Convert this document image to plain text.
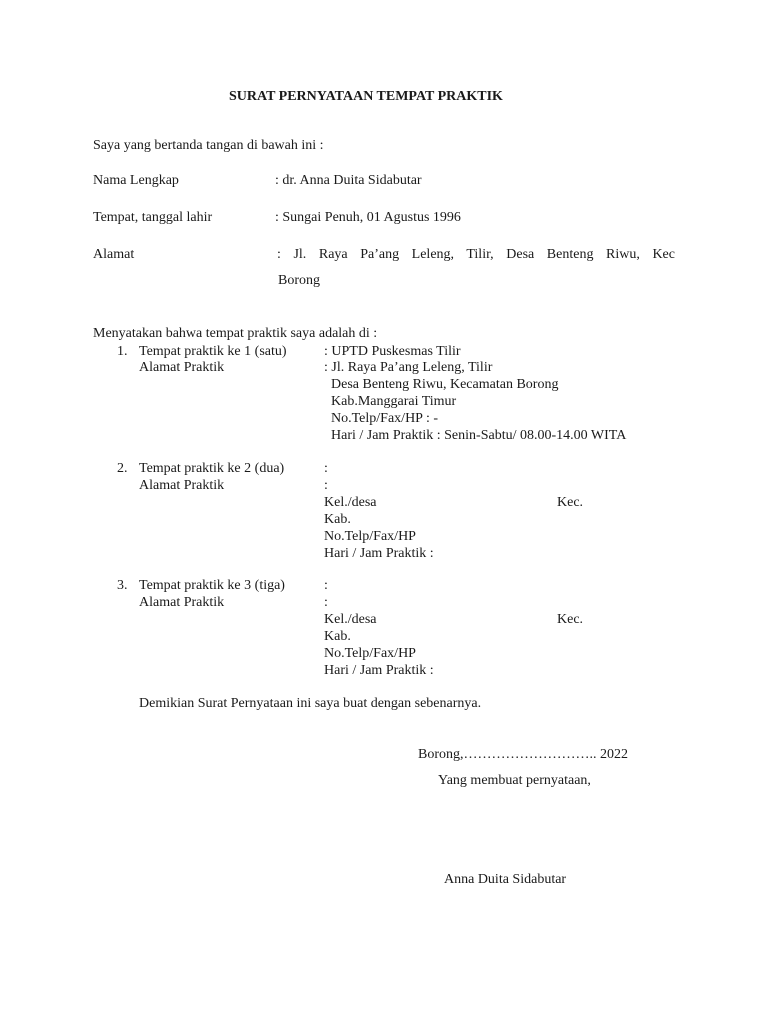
SURAT PERNYATAAN TEMPAT PRAKTIK
Saya yang bertanda tangan di bawah ini :
Nama Lengkap	: dr. Anna Duita Sidabutar
Tempat, tanggal lahir	: Sungai Penuh, 01 Agustus 1996
Alamat	: Jl. Raya Pa’ang Leleng, Tilir, Desa Benteng Riwu, Kec
Borong
Menyatakan bahwa tempat praktik saya adalah di :
1. Tempat praktik ke 1 (satu)	: UPTD Puskesmas Tilir
Alamat Praktik	: Jl. Raya Pa’ang Leleng, Tilir
Desa Benteng Riwu, Kecamatan Borong
Kab.Manggarai Timur
No.Telp/Fax/HP : -
Hari / Jam Praktik : Senin-Sabtu/ 08.00-14.00 WITA
2. Tempat praktik ke 2 (dua)	:
Alamat Praktik	:
Kel./desa	Kec.
Kab.
No.Telp/Fax/HP
Hari / Jam Praktik :
3. Tempat praktik ke 3 (tiga)	:
Alamat Praktik	:
Kel./desa	Kec.
Kab.
No.Telp/Fax/HP
Hari / Jam Praktik :
Demikian Surat Pernyataan ini saya buat dengan sebenarnya.
Borong,……………………….. 2022
Yang membuat pernyataan,
Anna Duita Sidabutar
